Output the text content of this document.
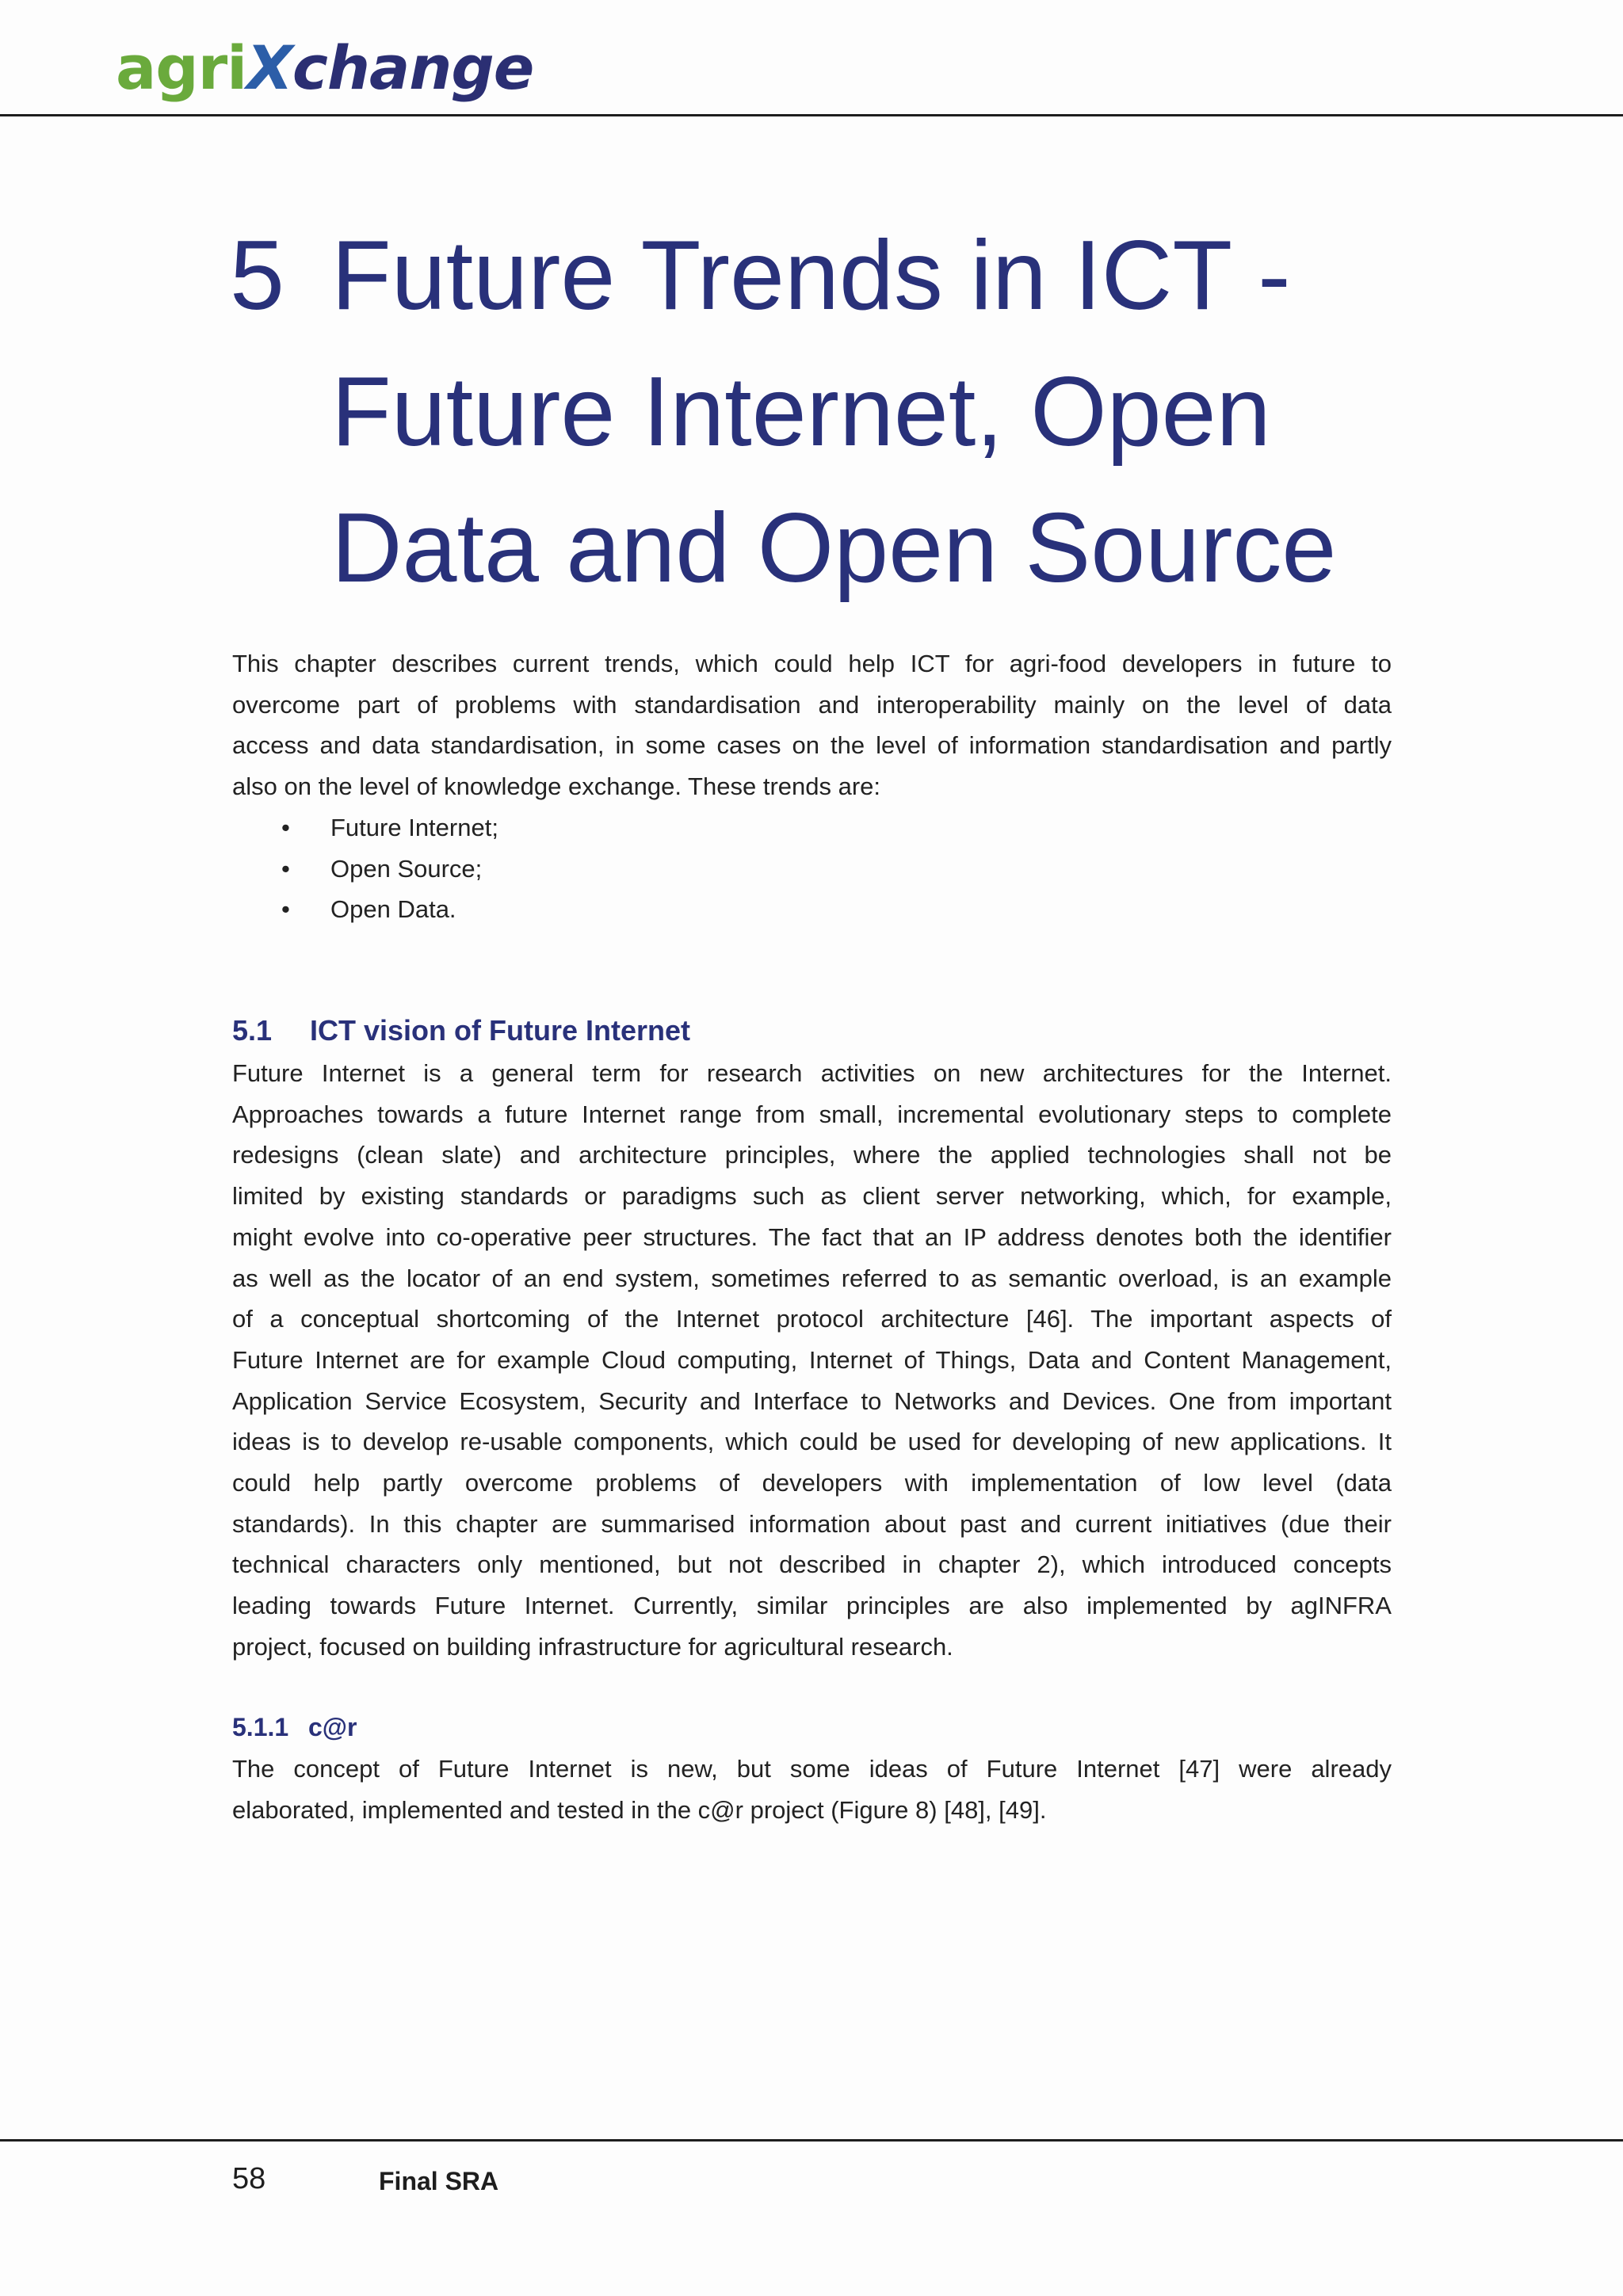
agriXchange
5 Future Trends in ICT -
Future Internet, Open
Data and Open Source
This chapter describes current trends, which could help ICT for agri-food developers in future to
overcome part of problems with standardisation and interoperability mainly on the level of data
access and data standardisation, in some cases on the level of information standardisation and partly
also on the level of knowledge exchange. These trends are:
• Future Internet;
• Open Source;
• Open Data.
5.1 ICT vision of Future Internet
Future Internet is a general term for research activities on new architectures for the Internet.
Approaches towards a future Internet range from small, incremental evolutionary steps to complete
redesigns (clean slate) and architecture principles, where the applied technologies shall not be
limited by existing standards or paradigms such as client server networking, which, for example,
might evolve into co-operative peer structures. The fact that an IP address denotes both the identifier
as well as the locator of an end system, sometimes referred to as semantic overload, is an example
of a conceptual shortcoming of the Internet protocol architecture [46]. The important aspects of
Future Internet are for example Cloud computing, Internet of Things, Data and Content Management,
Application Service Ecosystem, Security and Interface to Networks and Devices. One from important
ideas is to develop re-usable components, which could be used for developing of new applications. It
could help partly overcome problems of developers with implementation of low level (data
standards). In this chapter are summarised information about past and current initiatives (due their
technical characters only mentioned, but not described in chapter 2), which introduced concepts
leading towards Future Internet. Currently, similar principles are also implemented by agINFRA
project, focused on building infrastructure for agricultural research.
5.1.1 c@r
The concept of Future Internet is new, but some ideas of Future Internet [47] were already
elaborated, implemented and tested in the c@r project (Figure 8) [48], [49].
58	Final SRA
